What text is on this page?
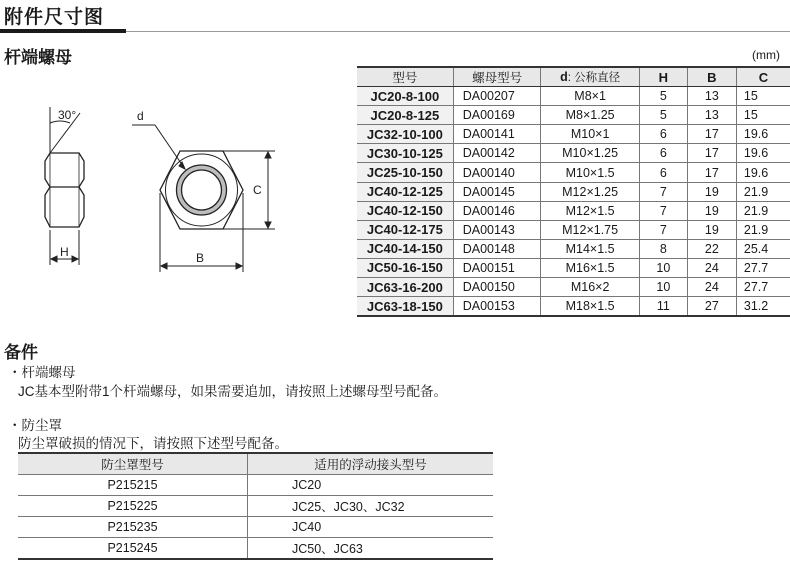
附件尺寸图
杆端螺母	(mm)
30°
H
d
B
C
型号	螺母型号	d: 公称直径	H	B	C
JC20-8-100	DA00207	M8×1	5	13	15
JC20-8-125	DA00169	M8×1.25	5	13	15
JC32-10-100	DA00141	M10×1	6	17	19.6
JC30-10-125	DA00142	M10×1.25	6	17	19.6
JC25-10-150	DA00140	M10×1.5	6	17	19.6
JC40-12-125	DA00145	M12×1.25	7	19	21.9
JC40-12-150	DA00146	M12×1.5	7	19	21.9
JC40-12-175	DA00143	M12×1.75	7	19	21.9
JC40-14-150	DA00148	M14×1.5	8	22	25.4
JC50-16-150	DA00151	M16×1.5	10	24	27.7
JC63-16-200	DA00150	M16×2	10	24	27.7
JC63-18-150	DA00153	M18×1.5	11	27	31.2
备件
・杆端螺母
JC基本型附带1个杆端螺母，如果需要追加，请按照上述螺母型号配备。
・防尘罩
防尘罩破损的情况下，请按照下述型号配备。
防尘罩型号	适用的浮动接头型号
P215215	JC20
P215225	JC25、JC30、JC32
P215235	JC40
P215245	JC50、JC63
